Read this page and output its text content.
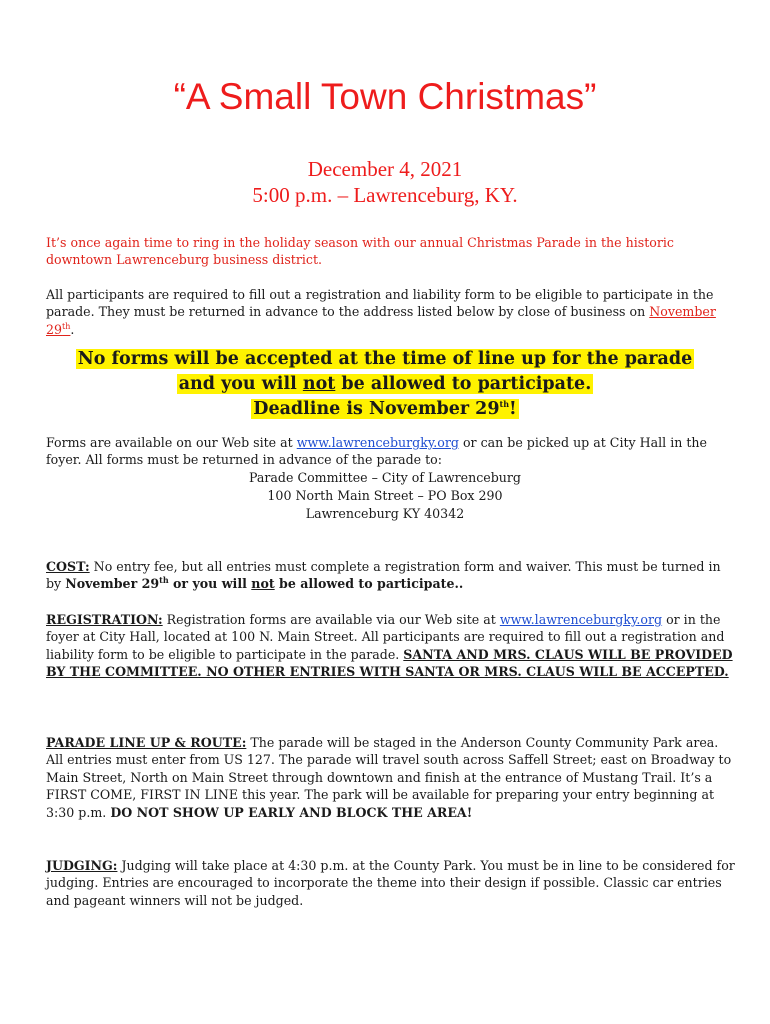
“A Small Town Christmas”
December 4, 2021
5:00 p.m. – Lawrenceburg, KY.

It’s once again time to ring in the holiday season with our annual Christmas Parade in the historic downtown Lawrenceburg business district.

All participants are required to fill out a registration and liability form to be eligible to participate in the parade. They must be returned in advance to the address listed below by close of business on November 29th.

No forms will be accepted at the time of line up for the parade
and you will not be allowed to participate.
Deadline is November 29th!

Forms are available on our Web site at www.lawrenceburgky.org or can be picked up at City Hall in the foyer. All forms must be returned in advance of the parade to:

Parade Committee – City of Lawrenceburg
100 North Main Street – PO Box 290
Lawrenceburg KY 40342

COST: No entry fee, but all entries must complete a registration form and waiver. This must be turned in by November 29th or you will not be allowed to participate..

REGISTRATION: Registration forms are available via our Web site at www.lawrenceburgky.org or in the foyer at City Hall, located at 100 N. Main Street. All participants are required to fill out a registration and liability form to be eligible to participate in the parade. SANTA AND MRS. CLAUS WILL BE PROVIDED BY THE COMMITTEE. NO OTHER ENTRIES WITH SANTA OR MRS. CLAUS WILL BE ACCEPTED.

PARADE LINE UP & ROUTE: The parade will be staged in the Anderson County Community Park area. All entries must enter from US 127. The parade will travel south across Saffell Street; east on Broadway to Main Street, North on Main Street through downtown and finish at the entrance of Mustang Trail. It’s a FIRST COME, FIRST IN LINE this year. The park will be available for preparing your entry beginning at 3:30 p.m. DO NOT SHOW UP EARLY AND BLOCK THE AREA!

JUDGING: Judging will take place at 4:30 p.m. at the County Park. You must be in line to be considered for judging. Entries are encouraged to incorporate the theme into their design if possible. Classic car entries and pageant winners will not be judged.
